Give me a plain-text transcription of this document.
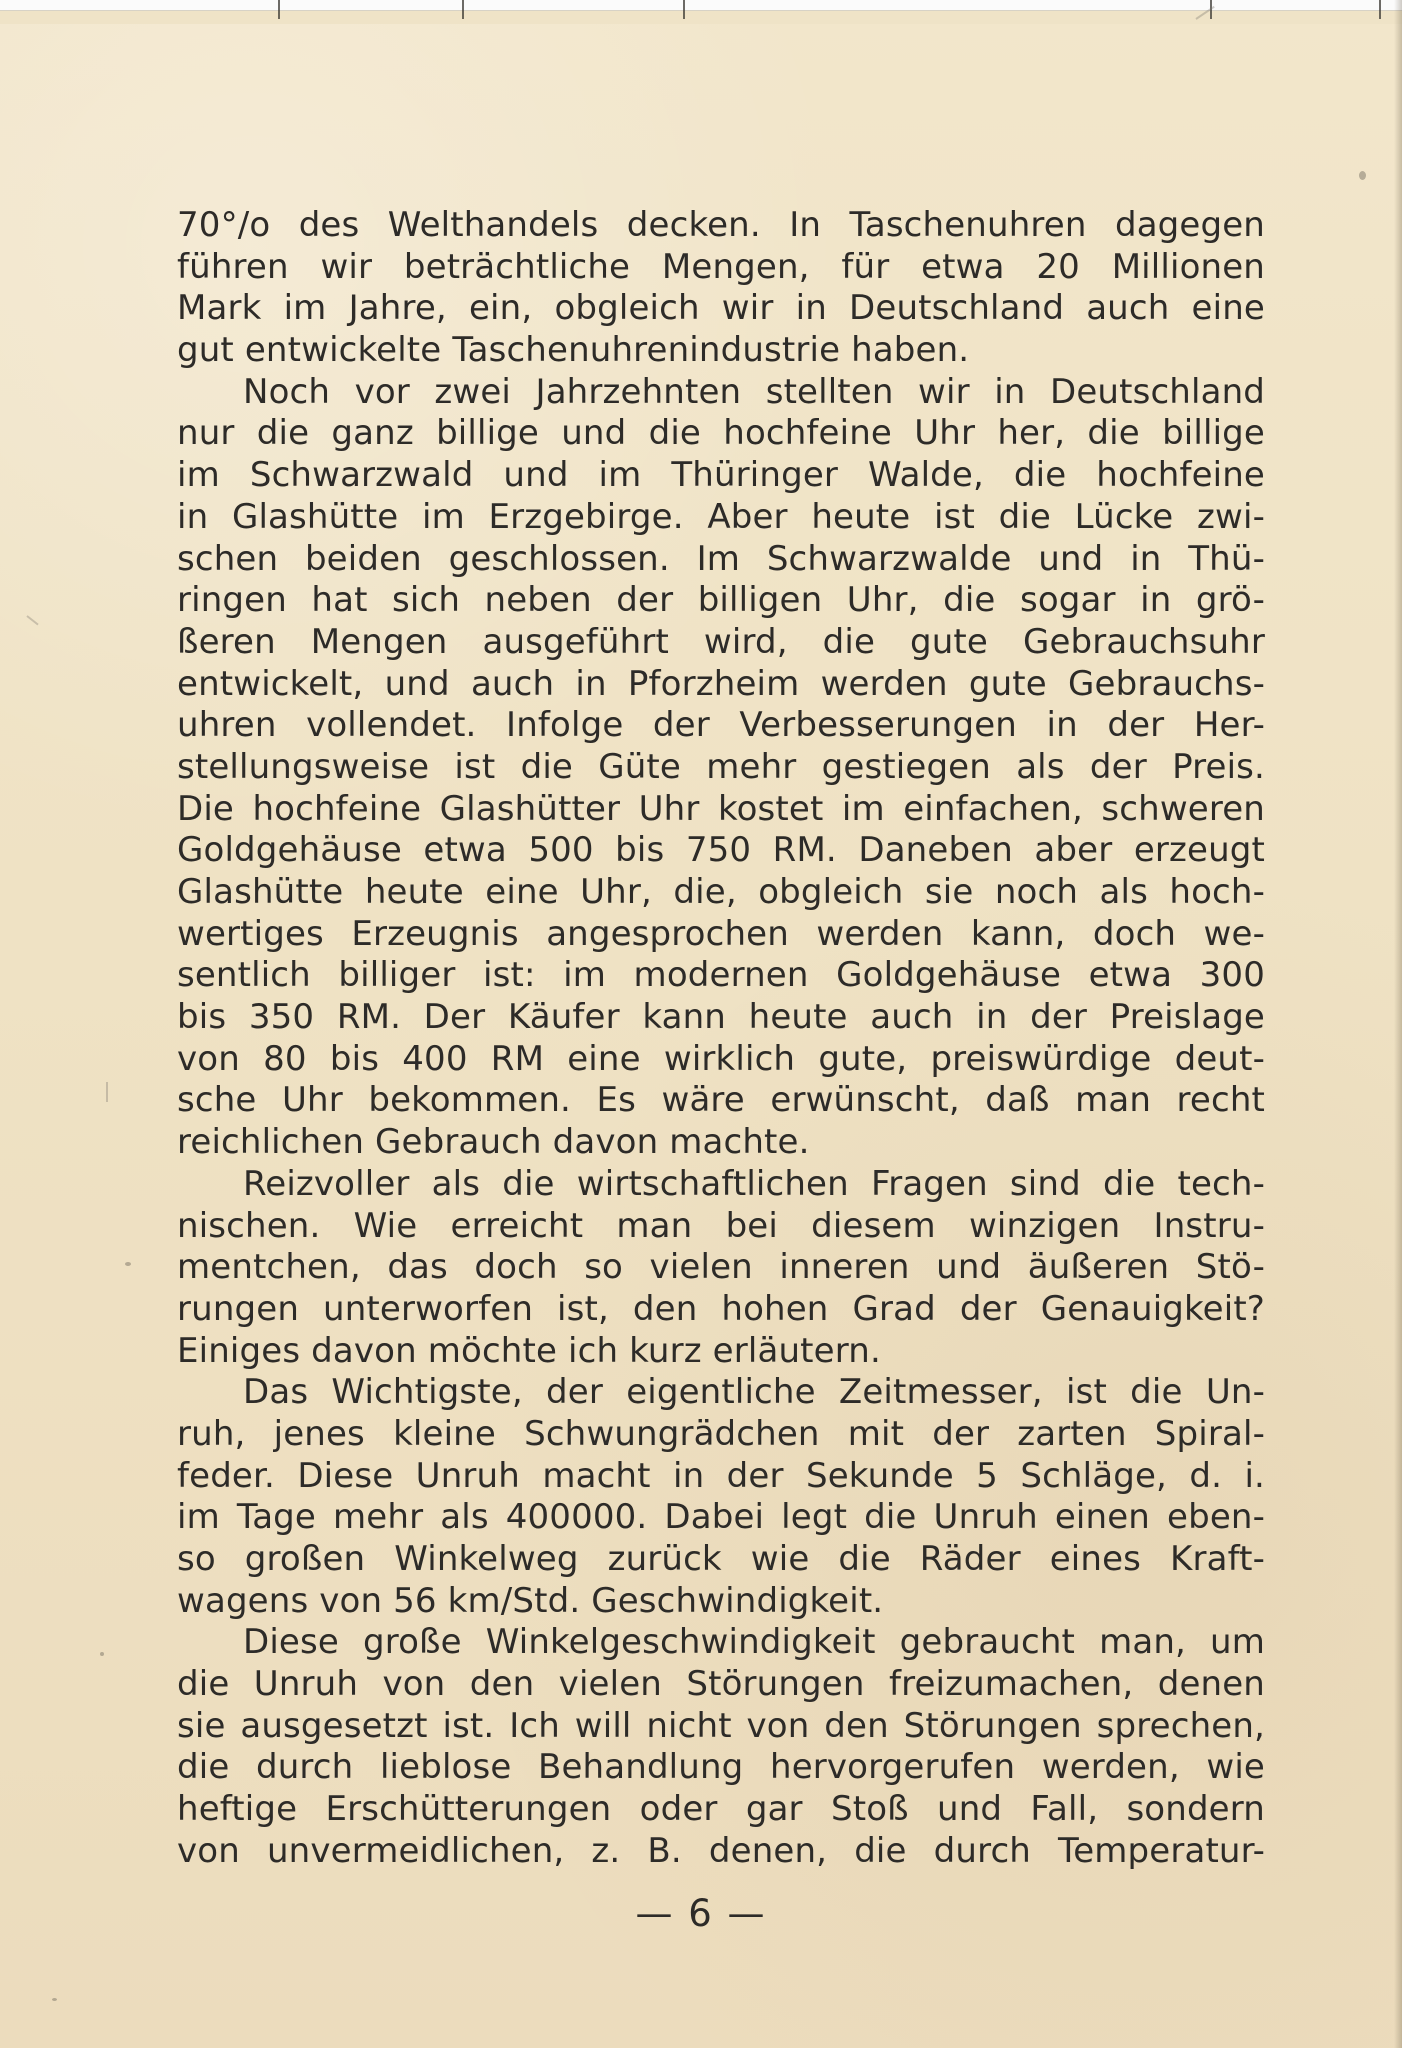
70°/o des Welthandels decken. In Taschenuhren dagegen
führen wir beträchtliche Mengen, für etwa 20 Millionen
Mark im Jahre, ein, obgleich wir in Deutschland auch eine
gut entwickelte Taschenuhrenindustrie haben.
Noch vor zwei Jahrzehnten stellten wir in Deutschland
nur die ganz billige und die hochfeine Uhr her, die billige
im Schwarzwald und im Thüringer Walde, die hochfeine
in Glashütte im Erzgebirge. Aber heute ist die Lücke zwi-
schen beiden geschlossen. Im Schwarzwalde und in Thü-
ringen hat sich neben der billigen Uhr, die sogar in grö-
ßeren Mengen ausgeführt wird, die gute Gebrauchsuhr
entwickelt, und auch in Pforzheim werden gute Gebrauchs-
uhren vollendet. Infolge der Verbesserungen in der Her-
stellungsweise ist die Güte mehr gestiegen als der Preis.
Die hochfeine Glashütter Uhr kostet im einfachen, schweren
Goldgehäuse etwa 500 bis 750 RM. Daneben aber erzeugt
Glashütte heute eine Uhr, die, obgleich sie noch als hoch-
wertiges Erzeugnis angesprochen werden kann, doch we-
sentlich billiger ist: im modernen Goldgehäuse etwa 300
bis 350 RM. Der Käufer kann heute auch in der Preislage
von 80 bis 400 RM eine wirklich gute, preiswürdige deut-
sche Uhr bekommen. Es wäre erwünscht, daß man recht
reichlichen Gebrauch davon machte.
Reizvoller als die wirtschaftlichen Fragen sind die tech-
nischen. Wie erreicht man bei diesem winzigen Instru-
mentchen, das doch so vielen inneren und äußeren Stö-
rungen unterworfen ist, den hohen Grad der Genauigkeit?
Einiges davon möchte ich kurz erläutern.
Das Wichtigste, der eigentliche Zeitmesser, ist die Un-
ruh, jenes kleine Schwungrädchen mit der zarten Spiral-
feder. Diese Unruh macht in der Sekunde 5 Schläge, d. i.
im Tage mehr als 400000. Dabei legt die Unruh einen eben-
so großen Winkelweg zurück wie die Räder eines Kraft-
wagens von 56 km/Std. Geschwindigkeit.
Diese große Winkelgeschwindigkeit gebraucht man, um
die Unruh von den vielen Störungen freizumachen, denen
sie ausgesetzt ist. Ich will nicht von den Störungen sprechen,
die durch lieblose Behandlung hervorgerufen werden, wie
heftige Erschütterungen oder gar Stoß und Fall, sondern
von unvermeidlichen, z. B. denen, die durch Temperatur-
— 6 —
